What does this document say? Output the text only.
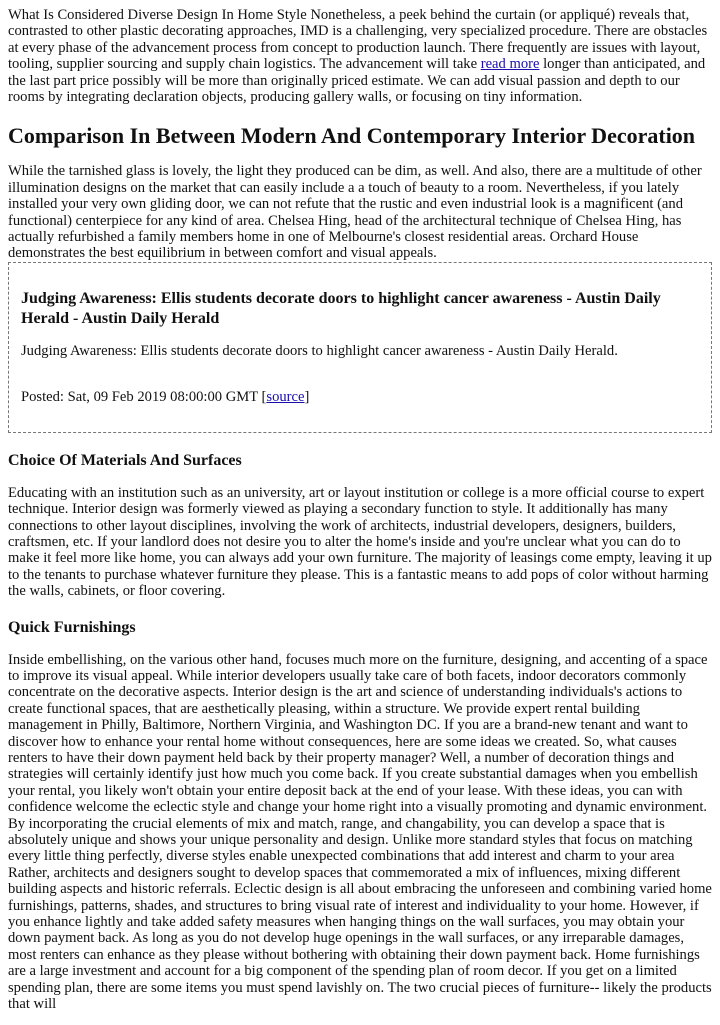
What Is Considered Diverse Design In Home Style Nonetheless, a peek behind the curtain (or appliqué) reveals that, contrasted to other plastic decorating approaches, IMD is a challenging, very specialized procedure. There are obstacles at every phase of the advancement process from concept to production launch. There frequently are issues with layout, tooling, supplier sourcing and supply chain logistics. The advancement will take read more longer than anticipated, and the last part price possibly will be more than originally priced estimate. We can add visual passion and depth to our rooms by integrating declaration objects, producing gallery walls, or focusing on tiny information.

Comparison In Between Modern And Contemporary Interior Decoration

While the tarnished glass is lovely, the light they produced can be dim, as well. And also, there are a multitude of other illumination designs on the market that can easily include a a touch of beauty to a room. Nevertheless, if you lately installed your very own gliding door, we can not refute that the rustic and even industrial look is a magnificent (and functional) centerpiece for any kind of area. Chelsea Hing, head of the architectural technique of Chelsea Hing, has actually refurbished a family members home in one of Melbourne's closest residential areas. Orchard House demonstrates the best equilibrium in between comfort and visual appeals.

Judging Awareness: Ellis students decorate doors to highlight cancer awareness - Austin Daily Herald - Austin Daily Herald

Judging Awareness: Ellis students decorate doors to highlight cancer awareness - Austin Daily Herald.

Posted: Sat, 09 Feb 2019 08:00:00 GMT [source]

Choice Of Materials And Surfaces

Educating with an institution such as an university, art or layout institution or college is a more official course to expert technique. Interior design was formerly viewed as playing a secondary function to style. It additionally has many connections to other layout disciplines, involving the work of architects, industrial developers, designers, builders, craftsmen, etc. If your landlord does not desire you to alter the home's inside and you're unclear what you can do to make it feel more like home, you can always add your own furniture. The majority of leasings come empty, leaving it up to the tenants to purchase whatever furniture they please. This is a fantastic means to add pops of color without harming the walls, cabinets, or floor covering.

Quick Furnishings

Inside embellishing, on the various other hand, focuses much more on the furniture, designing, and accenting of a space to improve its visual appeal. While interior developers usually take care of both facets, indoor decorators commonly concentrate on the decorative aspects. Interior design is the art and science of understanding individuals's actions to create functional spaces, that are aesthetically pleasing, within a structure. We provide expert rental building management in Philly, Baltimore, Northern Virginia, and Washington DC. If you are a brand-new tenant and want to discover how to enhance your rental home without consequences, here are some ideas we created. So, what causes renters to have their down payment held back by their property manager? Well, a number of decoration things and strategies will certainly identify just how much you come back. If you create substantial damages when you embellish your rental, you likely won't obtain your entire deposit back at the end of your lease. With these ideas, you can with confidence welcome the eclectic style and change your home right into a visually promoting and dynamic environment. By incorporating the crucial elements of mix and match, range, and changability, you can develop a space that is absolutely unique and shows your unique personality and design. Unlike more standard styles that focus on matching every little thing perfectly, diverse styles enable unexpected combinations that add interest and charm to your area Rather, architects and designers sought to develop spaces that commemorated a mix of influences, mixing different building aspects and historic referrals. Eclectic design is all about embracing the unforeseen and combining varied home furnishings, patterns, shades, and structures to bring visual rate of interest and individuality to your home. However, if you enhance lightly and take added safety measures when hanging things on the wall surfaces, you may obtain your down payment back. As long as you do not develop huge openings in the wall surfaces, or any irreparable damages, most renters can enhance as they please without bothering with obtaining their down payment back. Home furnishings are a large investment and account for a big component of the spending plan of room decor. If you get on a limited spending plan, there are some items you must spend lavishly on. The two crucial pieces of furniture-- likely the products that will
